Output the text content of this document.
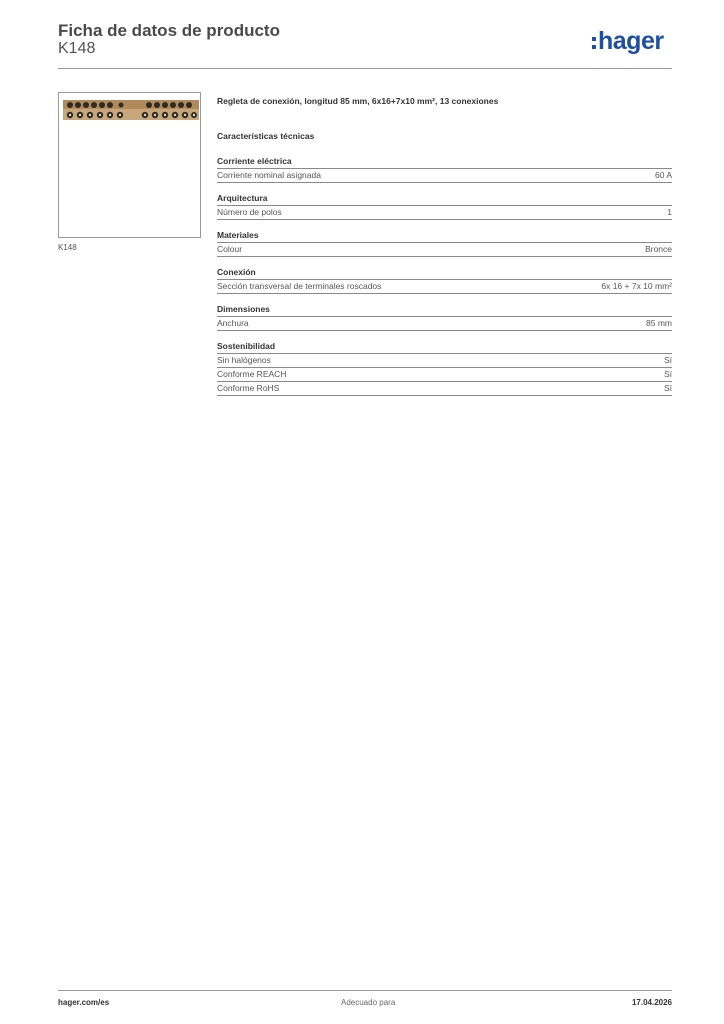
Ficha de datos de producto
K148	hager
K148
Regleta de conexión, longitud 85 mm, 6x16+7x10 mm², 13 conexiones
Características técnicas
Corriente eléctrica
Corriente nominal asignada	60 A
Arquitectura
Número de polos	1
Materiales
Colour	Bronce
Conexión
Sección transversal de terminales roscados	6x 16 + 7x 10 mm²
Dimensiones
Anchura	85 mm
Sostenibilidad
Sin halógenos	Sí
Conforme REACH	Sí
Conforme RoHS	Sí
hager.com/es	Adecuado para	17.04.2026
